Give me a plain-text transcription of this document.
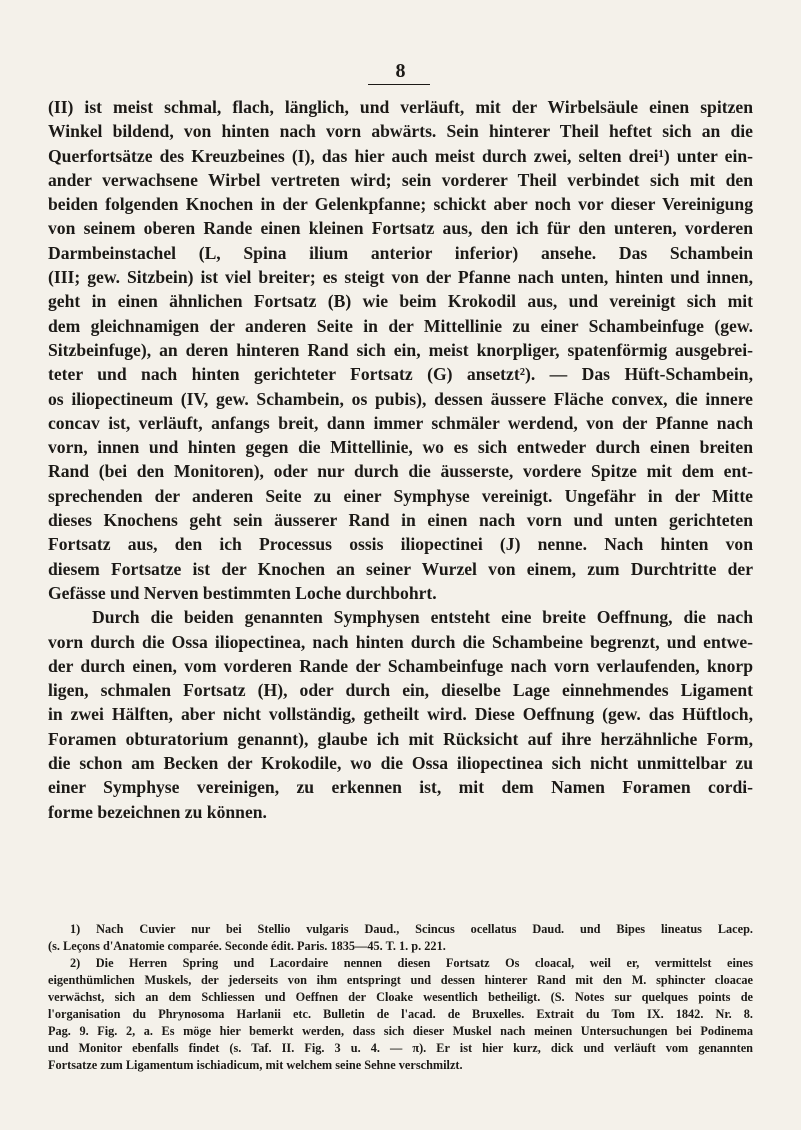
8
(II) ist meist schmal, flach, länglich, und verläuft, mit der Wirbelsäule einen spitzen
Winkel bildend, von hinten nach vorn abwärts. Sein hinterer Theil heftet sich an die
Querfortsätze des Kreuzbeines (I), das hier auch meist durch zwei, selten drei¹) unter ein-
ander verwachsene Wirbel vertreten wird; sein vorderer Theil verbindet sich mit den
beiden folgenden Knochen in der Gelenkpfanne; schickt aber noch vor dieser Vereinigung
von seinem oberen Rande einen kleinen Fortsatz aus, den ich für den unteren, vorderen
Darmbeinstachel (L, Spina ilium anterior inferior) ansehe. Das Schambein
(III; gew. Sitzbein) ist viel breiter; es steigt von der Pfanne nach unten, hinten und innen,
geht in einen ähnlichen Fortsatz (B) wie beim Krokodil aus, und vereinigt sich mit
dem gleichnamigen der anderen Seite in der Mittellinie zu einer Schambeinfuge (gew.
Sitzbeinfuge), an deren hinteren Rand sich ein, meist knorpliger, spatenförmig ausgebrei-
teter und nach hinten gerichteter Fortsatz (G) ansetzt²). — Das Hüft-Schambein,
os iliopectineum (IV, gew. Schambein, os pubis), dessen äussere Fläche convex, die innere
concav ist, verläuft, anfangs breit, dann immer schmäler werdend, von der Pfanne nach
vorn, innen und hinten gegen die Mittellinie, wo es sich entweder durch einen breiten
Rand (bei den Monitoren), oder nur durch die äusserste, vordere Spitze mit dem ent-
sprechenden der anderen Seite zu einer Symphyse vereinigt. Ungefähr in der Mitte
dieses Knochens geht sein äusserer Rand in einen nach vorn und unten gerichteten
Fortsatz aus, den ich Processus ossis iliopectinei (J) nenne. Nach hinten von
diesem Fortsatze ist der Knochen an seiner Wurzel von einem, zum Durchtritte der
Gefässe und Nerven bestimmten Loche durchbohrt.
Durch die beiden genannten Symphysen entsteht eine breite Oeffnung, die nach
vorn durch die Ossa iliopectinea, nach hinten durch die Schambeine begrenzt, und entwe-
der durch einen, vom vorderen Rande der Schambeinfuge nach vorn verlaufenden, knorp
ligen, schmalen Fortsatz (H), oder durch ein, dieselbe Lage einnehmendes Ligament
in zwei Hälften, aber nicht vollständig, getheilt wird. Diese Oeffnung (gew. das Hüftloch,
Foramen obturatorium genannt), glaube ich mit Rücksicht auf ihre herzähnliche Form,
die schon am Becken der Krokodile, wo die Ossa iliopectinea sich nicht unmittelbar zu
einer Symphyse vereinigen, zu erkennen ist, mit dem Namen Foramen cordi-
forme bezeichnen zu können.
1) Nach Cuvier nur bei Stellio vulgaris Daud., Scincus ocellatus Daud. und Bipes lineatus Lacep.
(s. Leçons d'Anatomie comparée. Seconde édit. Paris. 1835—45. T. 1. p. 221.
2) Die Herren Spring und Lacordaire nennen diesen Fortsatz Os cloacal, weil er, vermittelst eines
eigenthümlichen Muskels, der jederseits von ihm entspringt und dessen hinterer Rand mit den M. sphincter cloacae
verwächst, sich an dem Schliessen und Oeffnen der Cloake wesentlich betheiligt. (S. Notes sur quelques points de
l'organisation du Phrynosoma Harlanii etc. Bulletin de l'acad. de Bruxelles. Extrait du Tom IX. 1842. Nr. 8.
Pag. 9. Fig. 2, a. Es möge hier bemerkt werden, dass sich dieser Muskel nach meinen Untersuchungen bei Podinema
und Monitor ebenfalls findet (s. Taf. II. Fig. 3 u. 4. — π). Er ist hier kurz, dick und verläuft vom genannten
Fortsatze zum Ligamentum ischiadicum, mit welchem seine Sehne verschmilzt.
